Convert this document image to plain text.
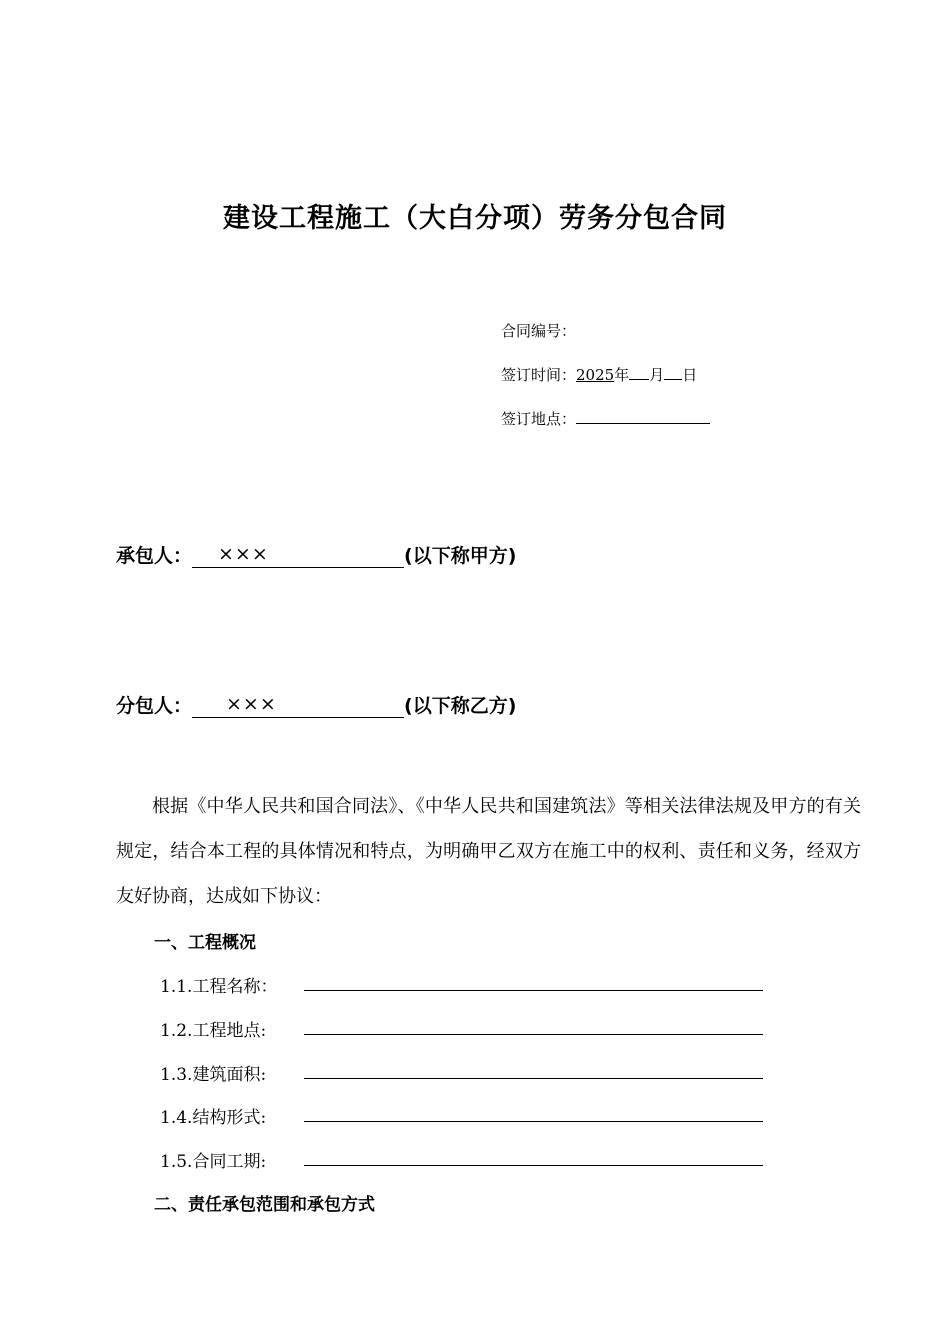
建设工程施工（大白分项）劳务分包合同
合同编号：
签订时间：2025年 月 日
签订地点：
承包人： ×××	(以下称甲方)
分包人： ×××	(以下称乙方)
根据《中华人民共和国合同法》、《中华人民共和国建筑法》等相关法律法规及甲方的有关规定，结合本工程的具体情况和特点，为明确甲乙双方在施工中的权利、责任和义务，经双方友好协商，达成如下协议：
一、工程概况
1.1.工程名称：
1.2.工程地点:
1.3.建筑面积:
1.4.结构形式:
1.5.合同工期:
二、责任承包范围和承包方式
